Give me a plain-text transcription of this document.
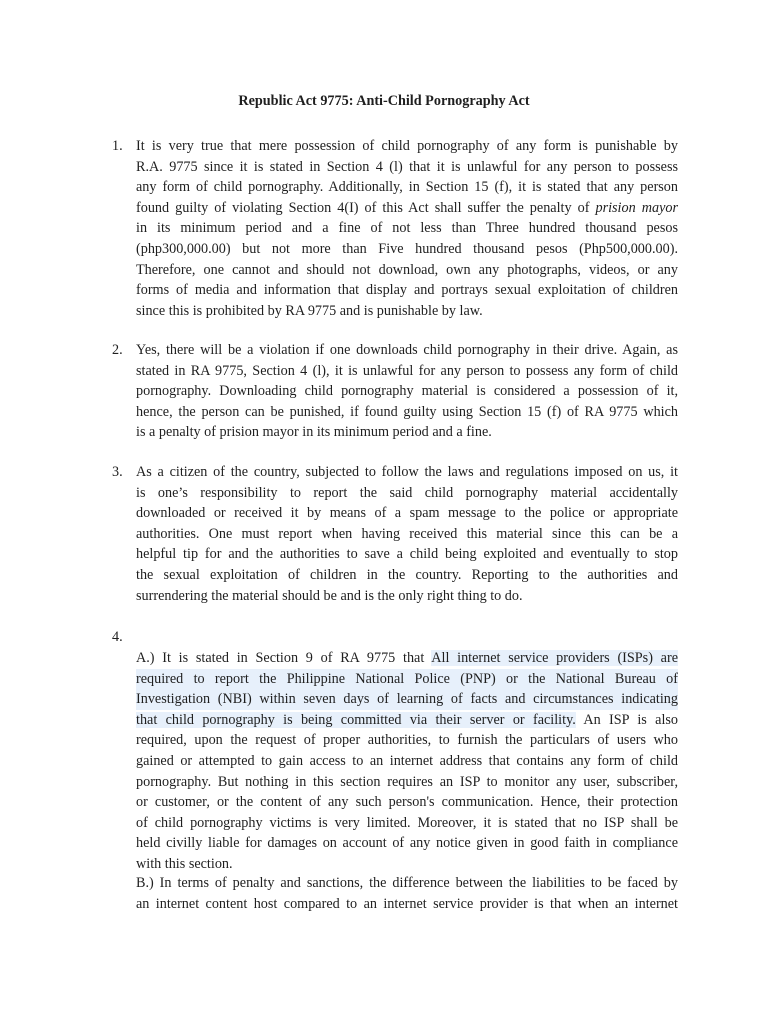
Republic Act 9775: Anti-Child Pornography Act
1. It is very true that mere possession of child pornography of any form is punishable by
R.A. 9775 since it is stated in Section 4 (l) that it is unlawful for any person to possess
any form of child pornography. Additionally, in Section 15 (f), it is stated that any person
found guilty of violating Section 4(I) of this Act shall suffer the penalty of prision mayor
in its minimum period and a fine of not less than Three hundred thousand pesos
(php300,000.00) but not more than Five hundred thousand pesos (Php500,000.00).
Therefore, one cannot and should not download, own any photographs, videos, or any
forms of media and information that display and portrays sexual exploitation of children
since this is prohibited by RA 9775 and is punishable by law.
2. Yes, there will be a violation if one downloads child pornography in their drive. Again, as
stated in RA 9775, Section 4 (l), it is unlawful for any person to possess any form of child
pornography. Downloading child pornography material is considered a possession of it,
hence, the person can be punished, if found guilty using Section 15 (f) of RA 9775 which
is a penalty of prision mayor in its minimum period and a fine.
3. As a citizen of the country, subjected to follow the laws and regulations imposed on us, it
is one’s responsibility to report the said child pornography material accidentally
downloaded or received it by means of a spam message to the police or appropriate
authorities. One must report when having received this material since this can be a
helpful tip for and the authorities to save a child being exploited and eventually to stop
the sexual exploitation of children in the country. Reporting to the authorities and
surrendering the material should be and is the only right thing to do.
4.
A.) It is stated in Section 9 of RA 9775 that All internet service providers (ISPs) are
required to report the Philippine National Police (PNP) or the National Bureau of
Investigation (NBI) within seven days of learning of facts and circumstances indicating
that child pornography is being committed via their server or facility. An ISP is also
required, upon the request of proper authorities, to furnish the particulars of users who
gained or attempted to gain access to an internet address that contains any form of child
pornography. But nothing in this section requires an ISP to monitor any user, subscriber,
or customer, or the content of any such person's communication. Hence, their protection
of child pornography victims is very limited. Moreover, it is stated that no ISP shall be
held civilly liable for damages on account of any notice given in good faith in compliance
with this section.
B.) In terms of penalty and sanctions, the difference between the liabilities to be faced by
an internet content host compared to an internet service provider is that when an internet
